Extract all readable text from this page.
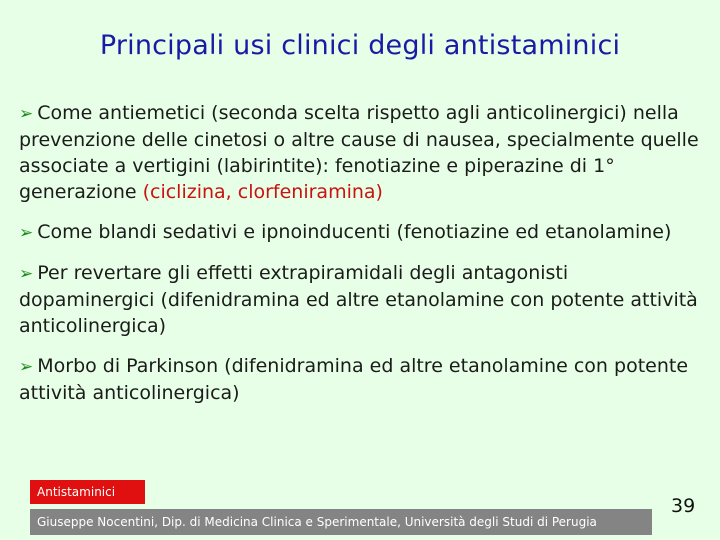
Principali usi clinici degli antistaminici
➢ Come antiemetici (seconda scelta rispetto agli anticolinergici) nella prevenzione delle cinetosi o altre cause di nausea, specialmente quelle associate a vertigini (labirintite): fenotiazine e piperazine di 1° generazione (ciclizina, clorfeniramina)
➢ Come blandi sedativi e ipnoinducenti (fenotiazine ed etanolamine)
➢ Per revertare gli effetti extrapiramidali degli antagonisti dopaminergici (difenidramina ed altre etanolamine con potente attività anticolinergica)
➢ Morbo di Parkinson (difenidramina ed altre etanolamine con potente attività anticolinergica)
Antistaminici
Giuseppe Nocentini, Dip. di Medicina Clinica e Sperimentale, Università degli Studi di Perugia
39
